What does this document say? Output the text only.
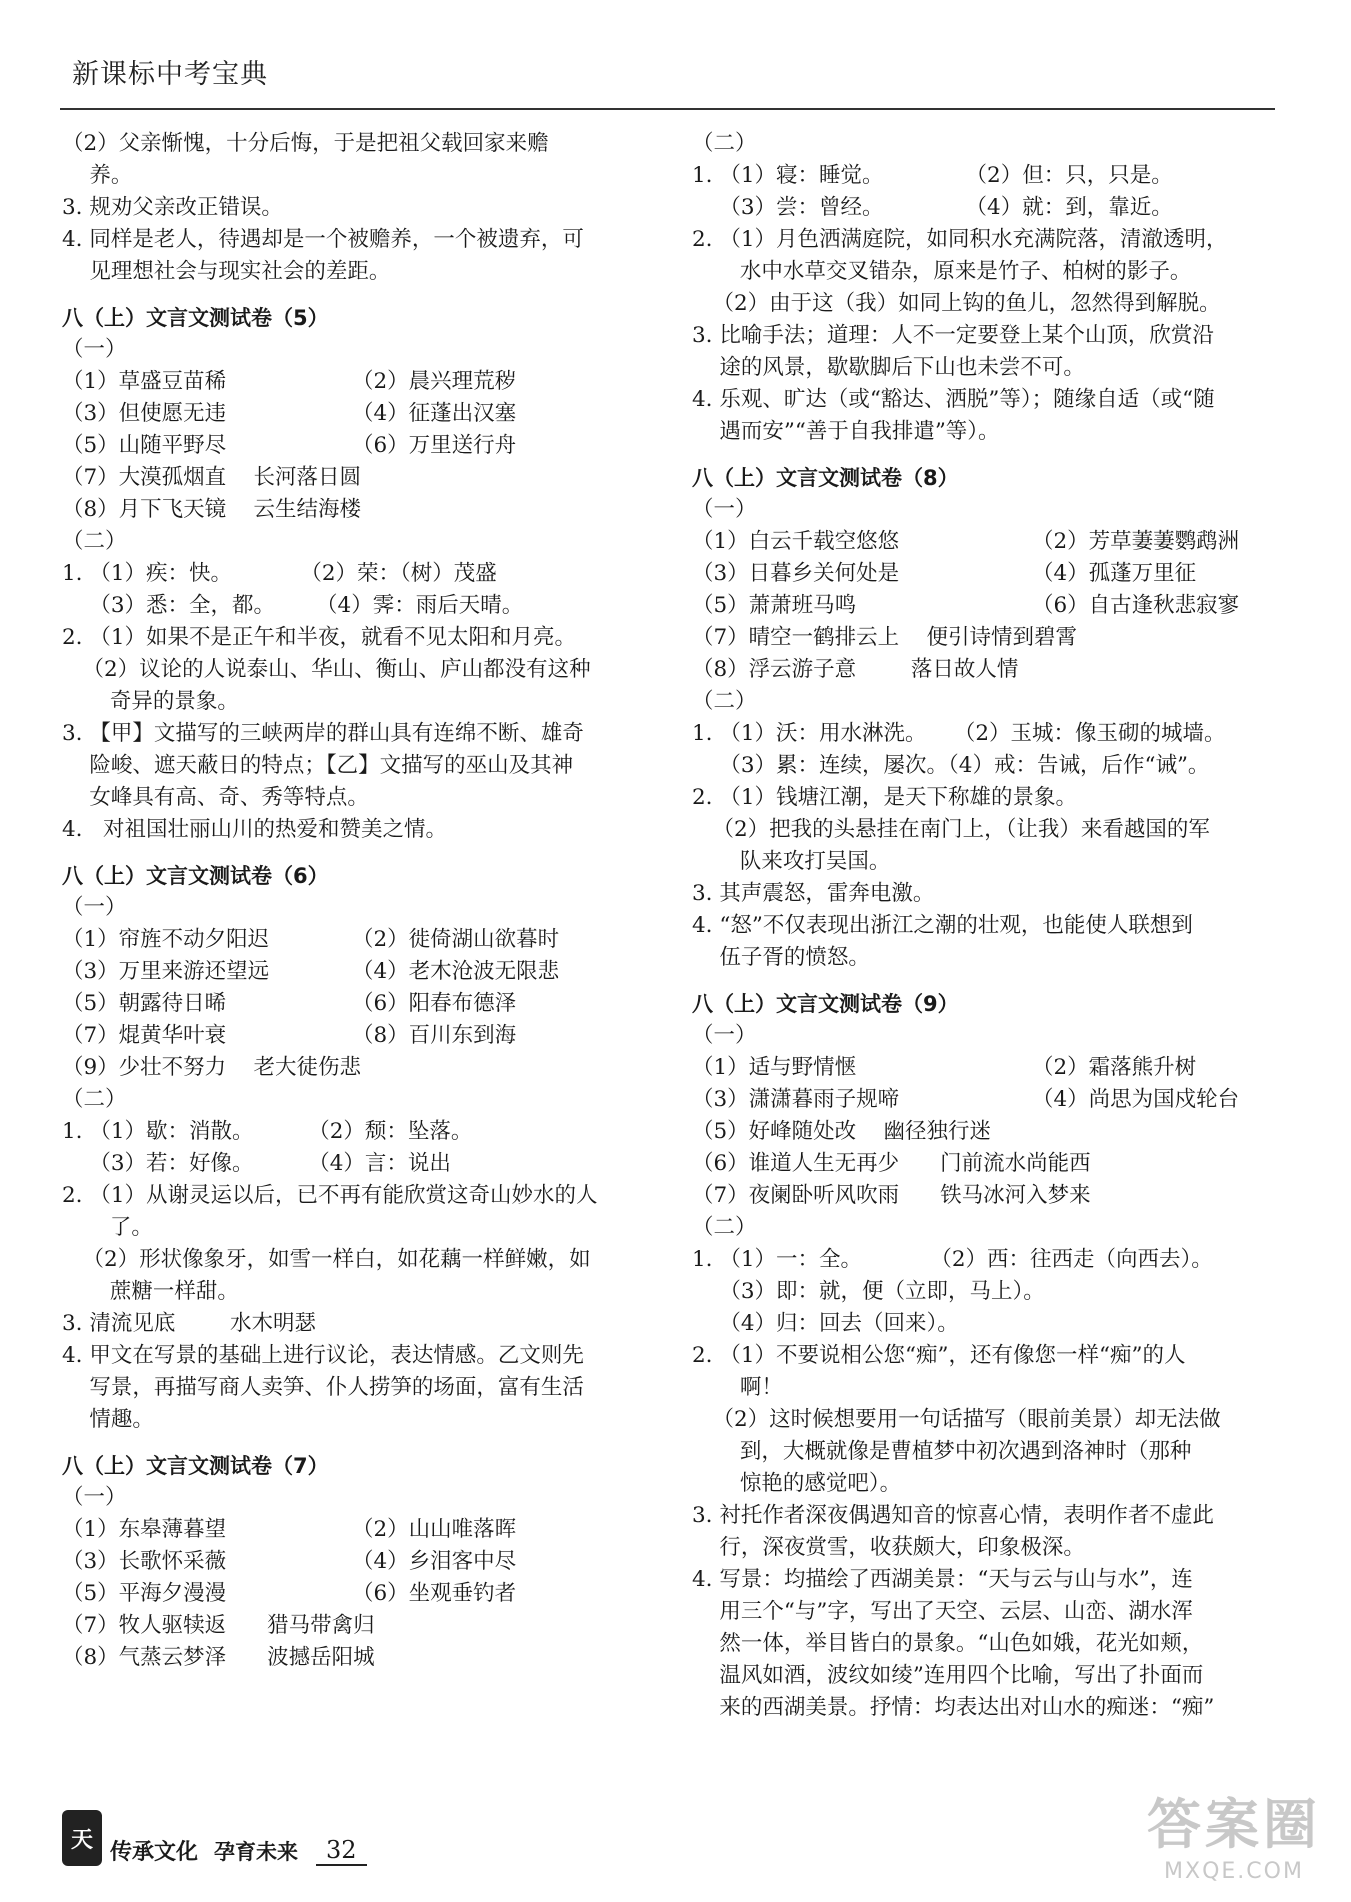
新课标中考宝典
（2）父亲惭愧，十分后悔，于是把祖父载回家来赡
养。
3. 规劝父亲改正错误。
4. 同样是老人，待遇却是一个被赡养，一个被遗弃，可
见理想社会与现实社会的差距。
八（上）文言文测试卷（5）
（一）
（1）草盛豆苗稀	（2）晨兴理荒秽
（3）但使愿无违	（4）征蓬出汉塞
（5）山随平野尽	（6）万里送行舟
（7）大漠孤烟直    长河落日圆
（8）月下飞天镜    云生结海楼
（二）
1. （1）疾：快。          （2）荣：（树）茂盛
（3）悉：全，都。      （4）霁：雨后天晴。
2. （1）如果不是正午和半夜，就看不见太阳和月亮。
（2）议论的人说泰山、华山、衡山、庐山都没有这种
奇异的景象。
3. 【甲】文描写的三峡两岸的群山具有连绵不断、雄奇
险峻、遮天蔽日的特点；【乙】文描写的巫山及其神
女峰具有高、奇、秀等特点。
4.   对祖国壮丽山川的热爱和赞美之情。
八（上）文言文测试卷（6）
（一）
（1）帘旌不动夕阳迟	（2）徙倚湖山欲暮时
（3）万里来游还望远	（4）老木沧波无限悲
（5）朝露待日晞	（6）阳春布德泽
（7）焜黄华叶衰	（8）百川东到海
（9）少壮不努力    老大徒伤悲
（二）
1. （1）歇：消散。        （2）颓：坠落。
（3）若：好像。        （4）言：说出
2. （1）从谢灵运以后，已不再有能欣赏这奇山妙水的人
了。
（2）形状像象牙，如雪一样白，如花藕一样鲜嫩，如
蔗糖一样甜。
3. 清流见底        水木明瑟
4. 甲文在写景的基础上进行议论，表达情感。乙文则先
写景，再描写商人卖笋、仆人捞笋的场面，富有生活
情趣。
八（上）文言文测试卷（7）
（一）
（1）东皋薄暮望	（2）山山唯落晖
（3）长歌怀采薇	（4）乡泪客中尽
（5）平海夕漫漫	（6）坐观垂钓者
（7）牧人驱犊返      猎马带禽归
（8）气蒸云梦泽      波撼岳阳城
（二）
1. （1）寝：睡觉。            （2）但：只，只是。
（3）尝：曾经。            （4）就：到，靠近。
2. （1）月色洒满庭院，如同积水充满院落，清澈透明，
水中水草交叉错杂，原来是竹子、柏树的影子。
（2）由于这（我）如同上钩的鱼儿，忽然得到解脱。
3. 比喻手法；道理：人不一定要登上某个山顶，欣赏沿
途的风景，歇歇脚后下山也未尝不可。
4. 乐观、旷达（或“豁达、洒脱”等）；随缘自适（或“随
遇而安”“善于自我排遣”等）。
八（上）文言文测试卷（8）
（一）
（1）白云千载空悠悠	（2）芳草萋萋鹦鹉洲
（3）日暮乡关何处是	（4）孤蓬万里征
（5）萧萧班马鸣	（6）自古逢秋悲寂寥
（7）晴空一鹤排云上    便引诗情到碧霄
（8）浮云游子意        落日故人情
（二）
1. （1）沃：用水淋洗。    （2）玉城：像玉砌的城墙。
（3）累：连续，屡次。（4）戒：告诫，后作“诫”。
2. （1）钱塘江潮，是天下称雄的景象。
（2）把我的头悬挂在南门上，（让我）来看越国的军
队来攻打吴国。
3. 其声震怒，雷奔电激。
4. “怒”不仅表现出浙江之潮的壮观，也能使人联想到
伍子胥的愤怒。
八（上）文言文测试卷（9）
（一）
（1）适与野情惬	（2）霜落熊升树
（3）潇潇暮雨子规啼	（4）尚思为国戍轮台
（5）好峰随处改    幽径独行迷
（6）谁道人生无再少      门前流水尚能西
（7）夜阑卧听风吹雨      铁马冰河入梦来
（二）
1. （1）一：全。          （2）西：往西走（向西去）。
（3）即：就，便（立即，马上）。
（4）归：回去（回来）。
2. （1）不要说相公您“痴”，还有像您一样“痴”的人
啊！
（2）这时候想要用一句话描写（眼前美景）却无法做
到，大概就像是曹植梦中初次遇到洛神时（那种
惊艳的感觉吧）。
3. 衬托作者深夜偶遇知音的惊喜心情，表明作者不虚此
行，深夜赏雪，收获颇大，印象极深。
4. 写景：均描绘了西湖美景：“天与云与山与水”，连
用三个“与”字，写出了天空、云层、山峦、湖水浑
然一体，举目皆白的景象。“山色如娥，花光如颊，
温风如酒，波纹如绫”连用四个比喻，写出了扑面而
来的西湖美景。抒情：均表达出对山水的痴迷：“痴”
天 传承文化 孕育未来	32	答案圈
MXQE.COM
